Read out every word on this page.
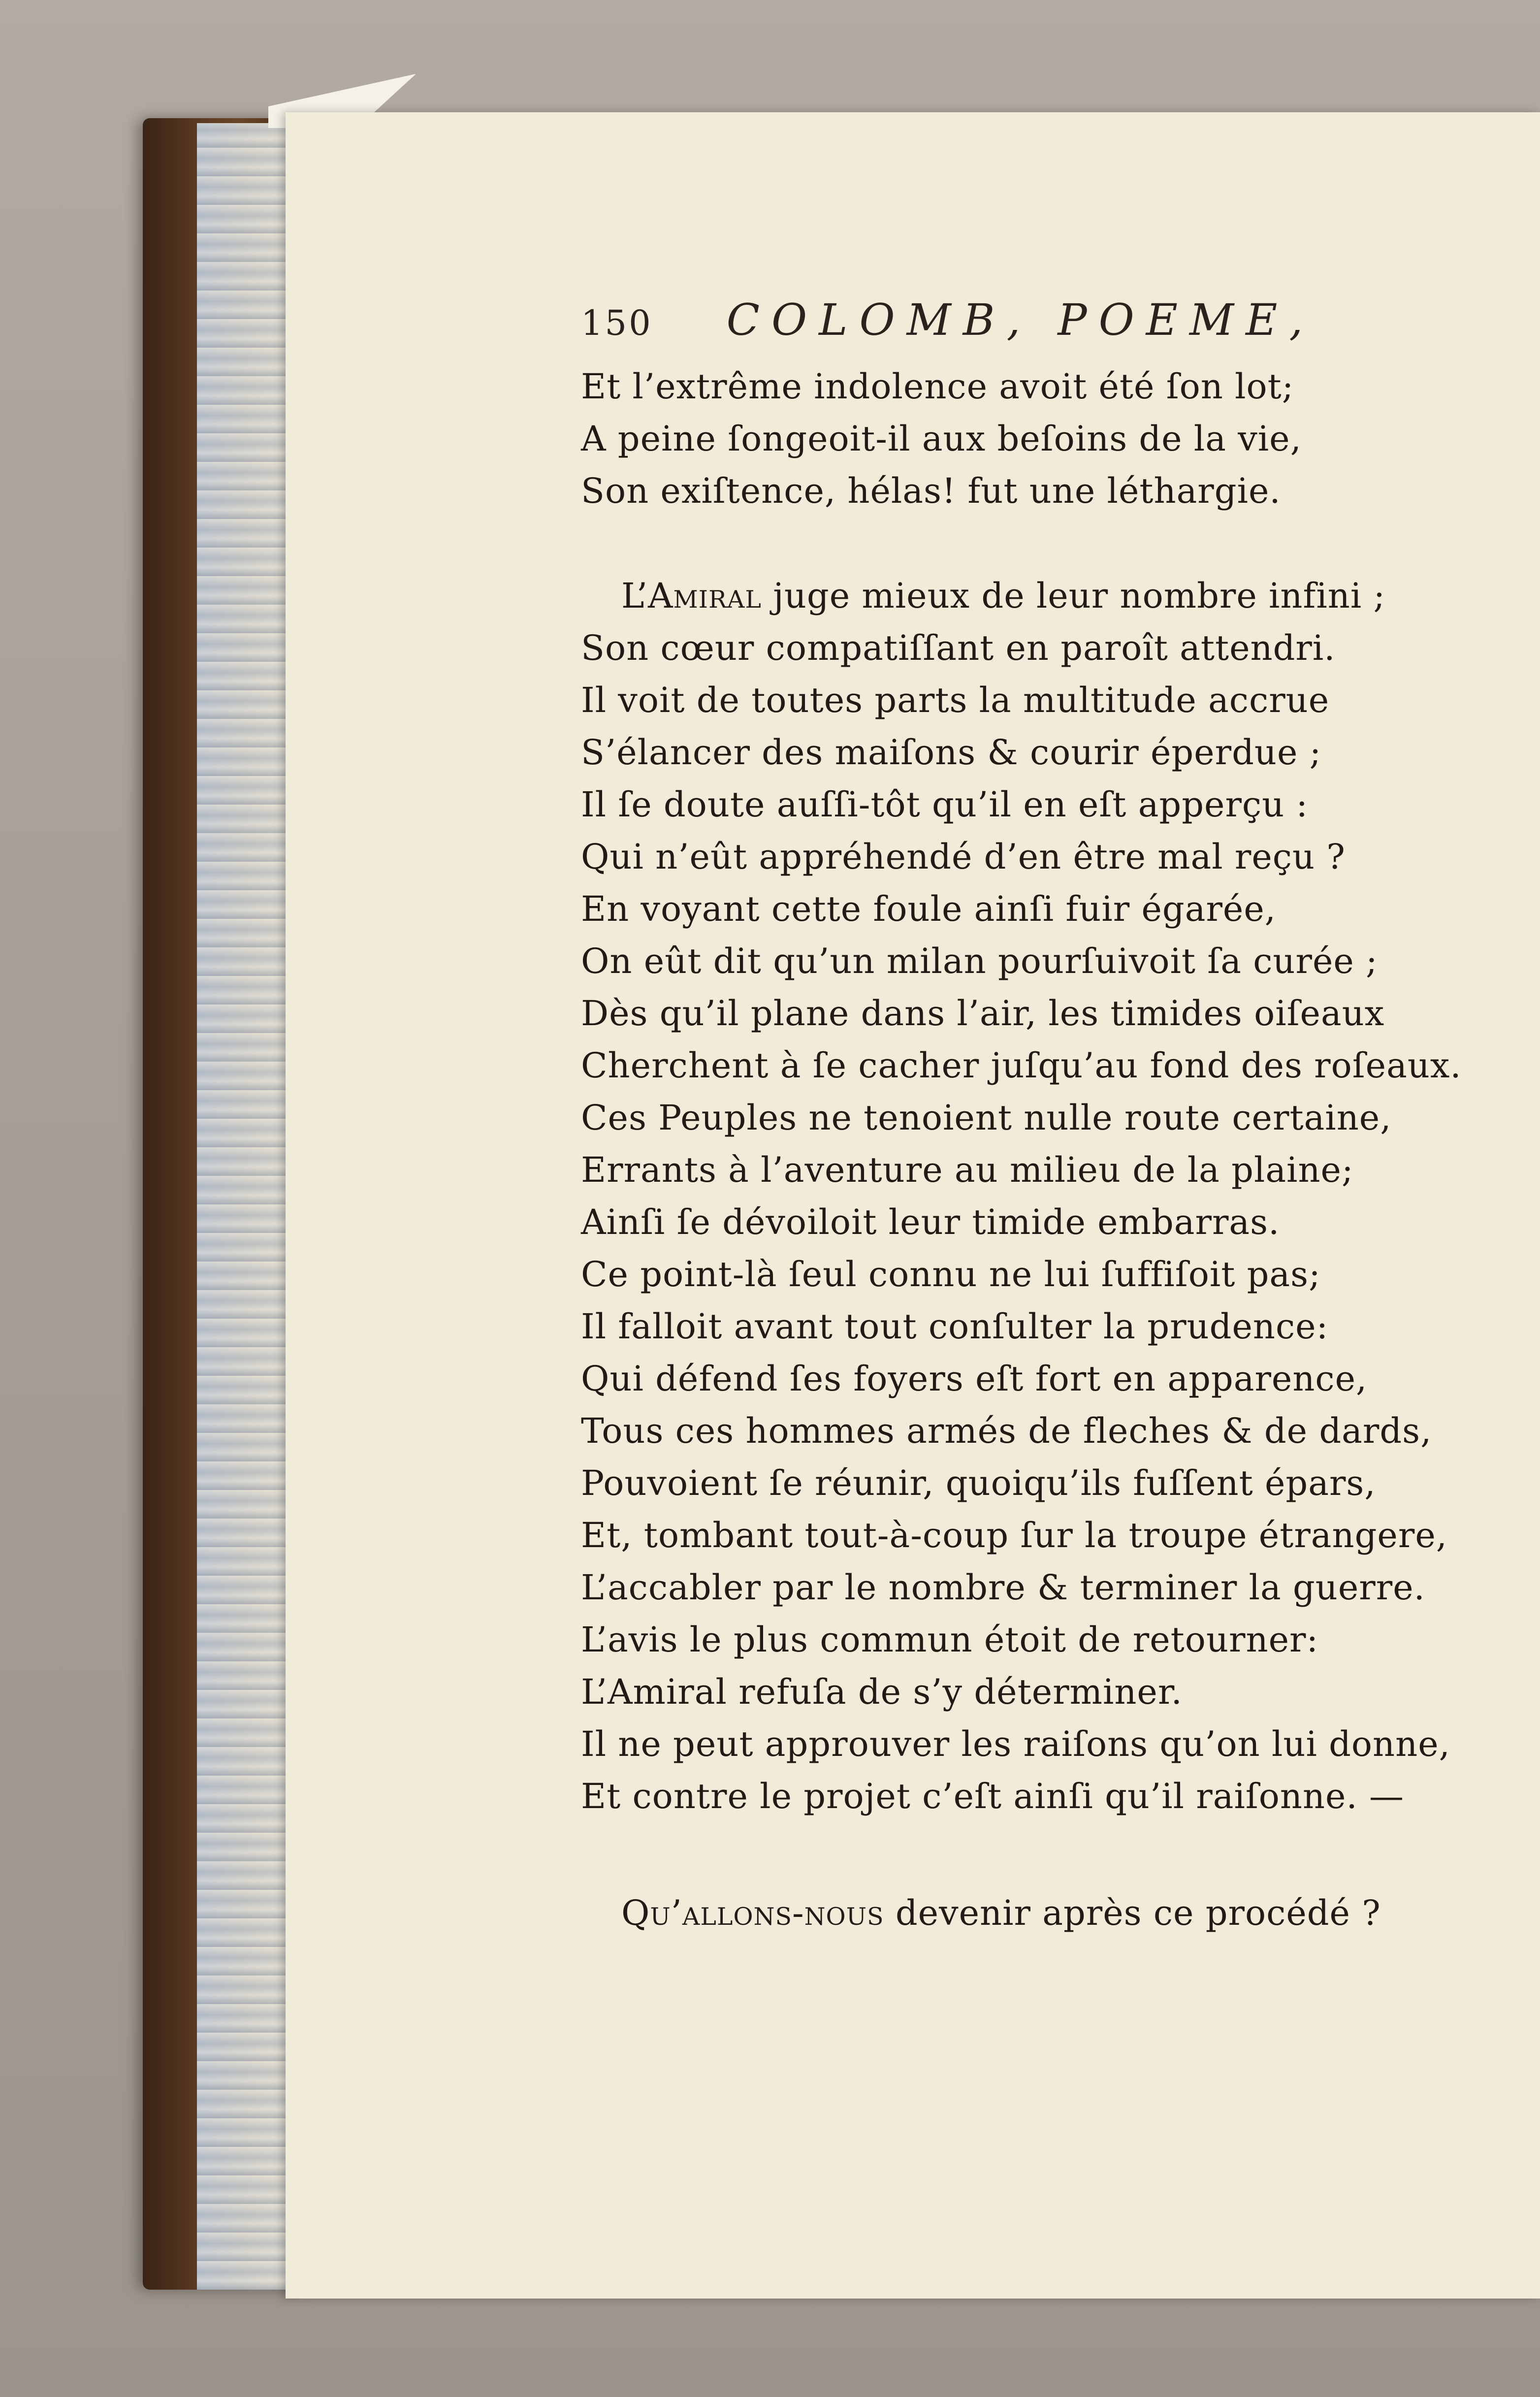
150 COLOMB, POEME,
Et l’extrême indolence avoit été ſon lot;
A peine ſongeoit-il aux beſoins de la vie,
Son exiſtence, hélas! fut une léthargie.
L’Amiral juge mieux de leur nombre infini ;
Son cœur compatiſſant en paroît attendri.
Il voit de toutes parts la multitude accrue
S’élancer des maiſons & courir éperdue ;
Il ſe doute auſſi-tôt qu’il en eſt apperçu :
Qui n’eût appréhendé d’en être mal reçu ?
En voyant cette foule ainſi fuir égarée,
On eût dit qu’un milan pourſuivoit ſa curée ;
Dès qu’il plane dans l’air, les timides oiſeaux
Cherchent à ſe cacher juſqu’au fond des roſeaux.
Ces Peuples ne tenoient nulle route certaine,
Errants à l’aventure au milieu de la plaine;
Ainſi ſe dévoiloit leur timide embarras.
Ce point-là ſeul connu ne lui ſuffiſoit pas;
Il falloit avant tout conſulter la prudence:
Qui défend ſes foyers eſt fort en apparence,
Tous ces hommes armés de fleches & de dards,
Pouvoient ſe réunir, quoiqu’ils fuſſent épars,
Et, tombant tout-à-coup ſur la troupe étrangere,
L’accabler par le nombre & terminer la guerre.
L’avis le plus commun étoit de retourner:
L’Amiral refuſa de s’y déterminer.
Il ne peut approuver les raiſons qu’on lui donne,
Et contre le projet c’eſt ainſi qu’il raiſonne. —
Qu’allons-nous devenir après ce procédé ?
